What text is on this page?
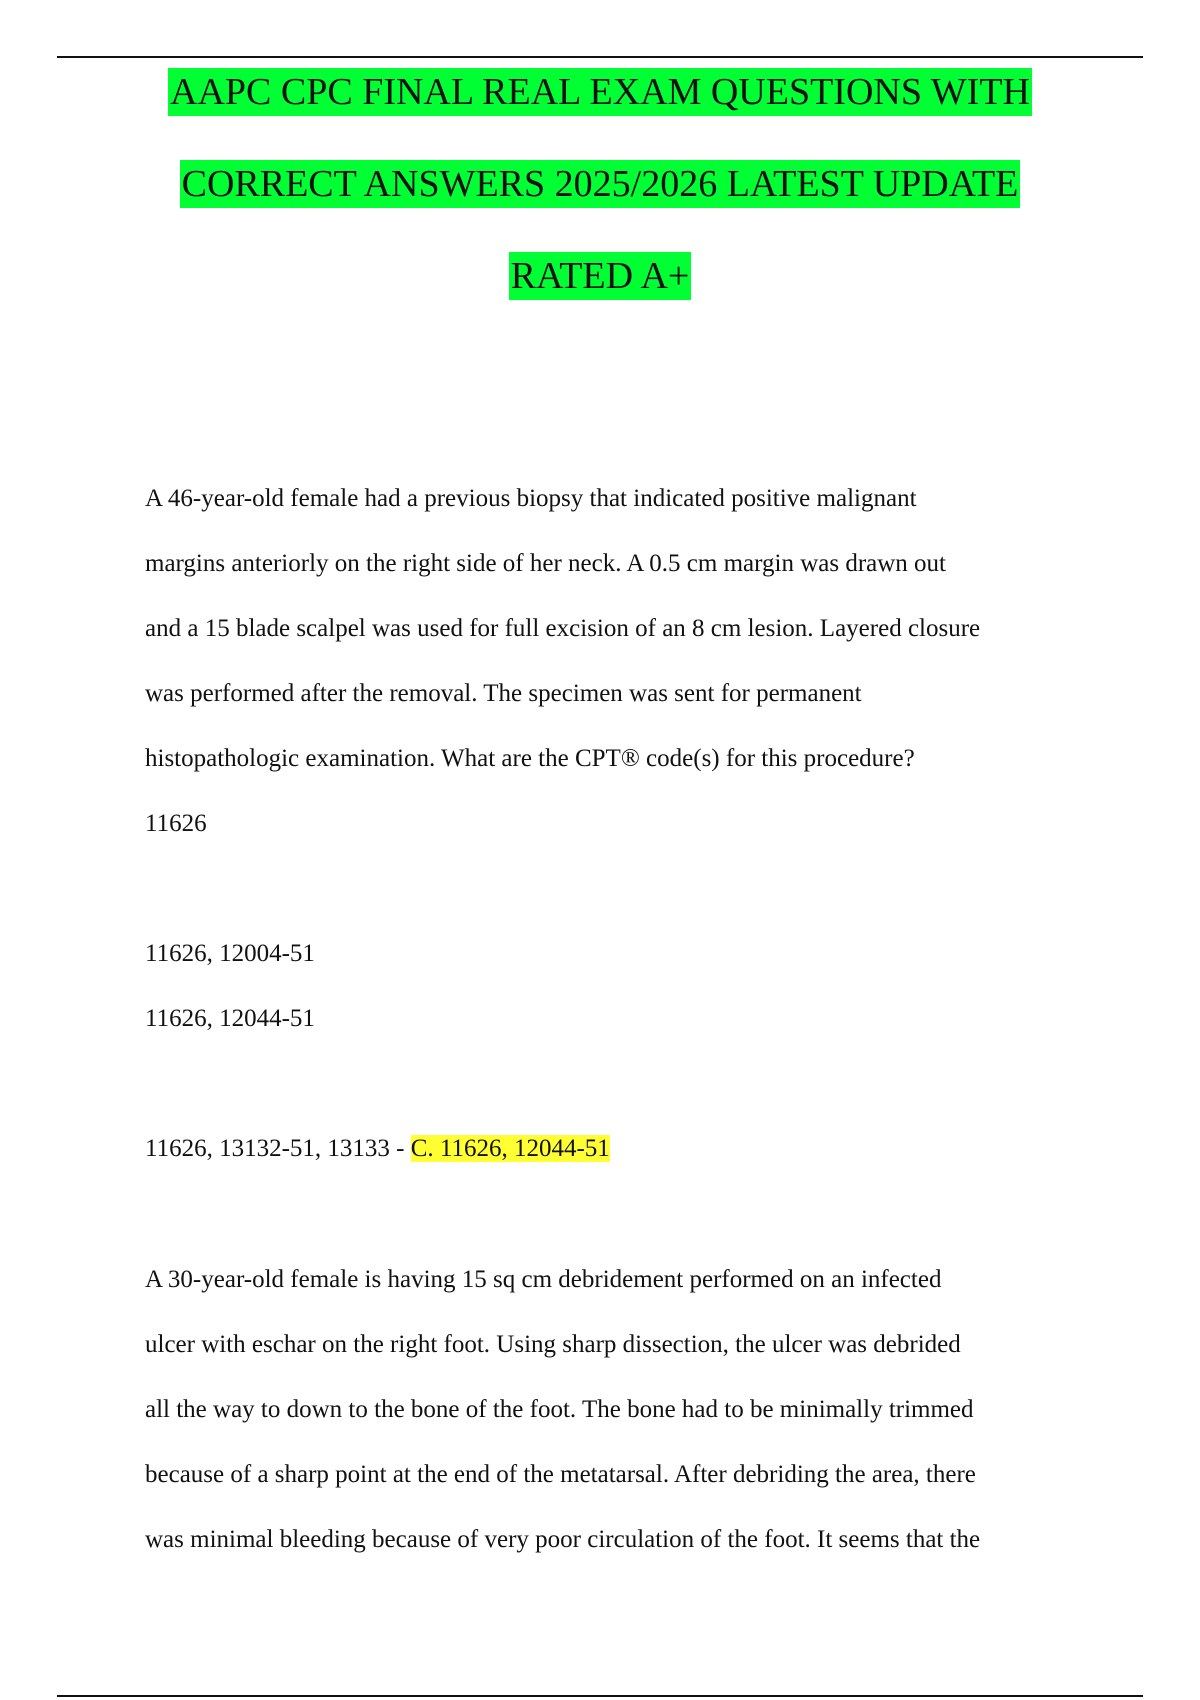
AAPC CPC FINAL REAL EXAM QUESTIONS WITH
CORRECT ANSWERS 2025/2026 LATEST UPDATE
RATED A+
A 46-year-old female had a previous biopsy that indicated positive malignant
margins anteriorly on the right side of her neck. A 0.5 cm margin was drawn out
and a 15 blade scalpel was used for full excision of an 8 cm lesion. Layered closure
was performed after the removal. The specimen was sent for permanent
histopathologic examination. What are the CPT® code(s) for this procedure?
11626
11626, 12004-51
11626, 12044-51
11626, 13132-51, 13133 - C. 11626, 12044-51
A 30-year-old female is having 15 sq cm debridement performed on an infected
ulcer with eschar on the right foot. Using sharp dissection, the ulcer was debrided
all the way to down to the bone of the foot. The bone had to be minimally trimmed
because of a sharp point at the end of the metatarsal. After debriding the area, there
was minimal bleeding because of very poor circulation of the foot. It seems that the
